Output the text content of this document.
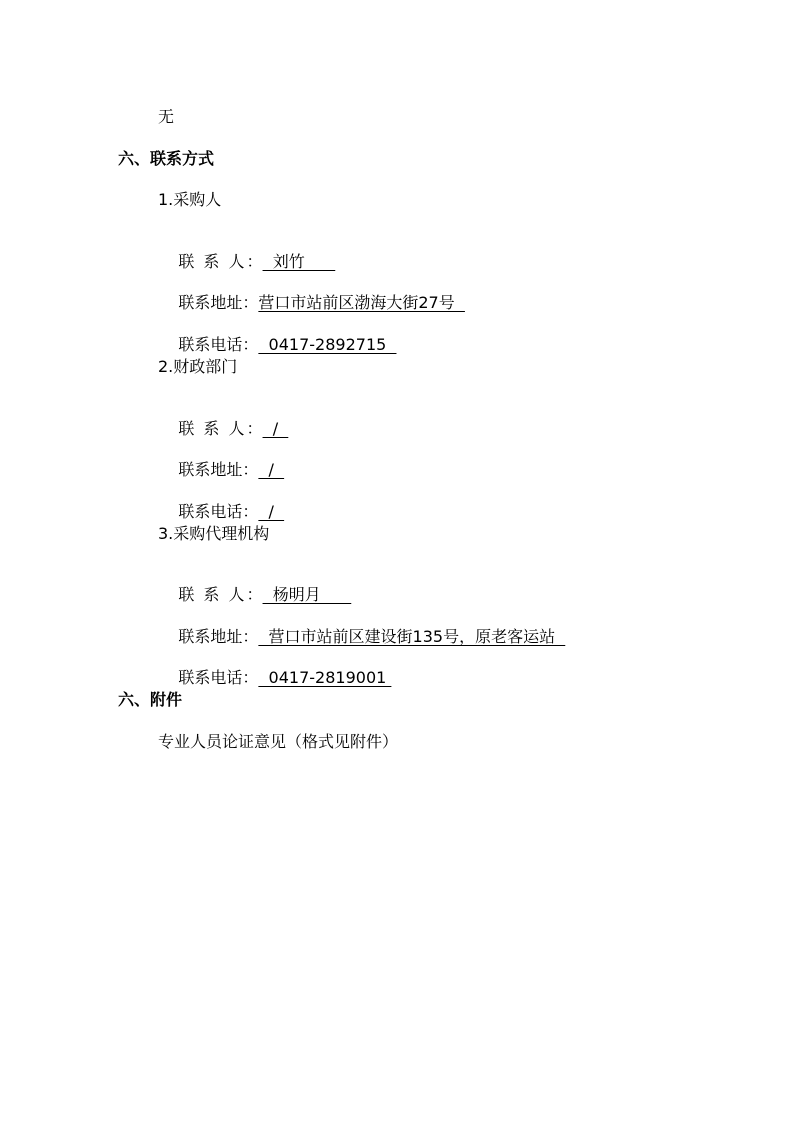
无
六、联系方式
1.采购人

联 系 人：  刘竹

联系地址：营口市站前区渤海大街27号

联系电话：  0417-2892715

2.财政部门

联 系 人：  /

联系地址：  /

联系电话：  /

3.采购代理机构

联 系 人：  杨明月

联系地址：  营口市站前区建设街135号，原老客运站

联系电话：  0417-2819001

六、附件
专业人员论证意见（格式见附件）
